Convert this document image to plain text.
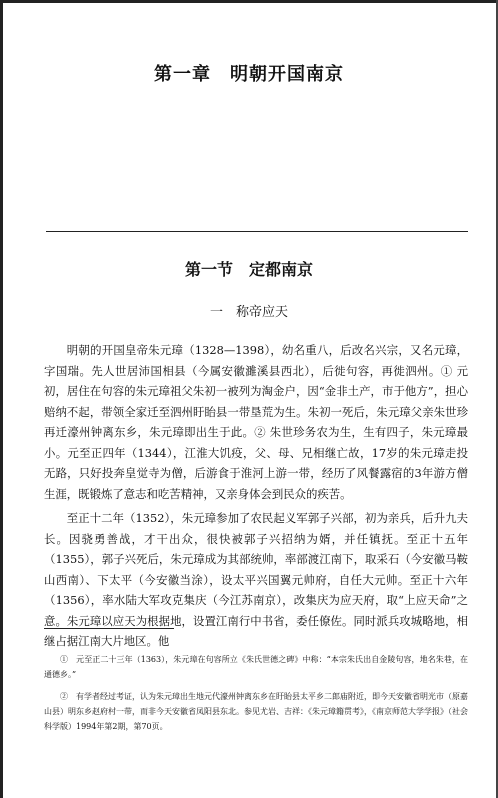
第一章　明朝开国南京
第一节　定都南京
一　称帝应天

明朝的开国皇帝朱元璋（1328—1398），幼名重八，后改名兴宗，又名元璋，字国瑞。先人世居沛国相县（今属安徽濉溪县西北），后徙句容，再徙泗州。① 元初，居住在句容的朱元璋祖父朱初一被列为淘金户，因“金非土产，市于他方”，担心赔纳不起，带领全家迁至泗州盱眙县一带垦荒为生。朱初一死后，朱元璋父亲朱世珍再迁濠州钟离东乡，朱元璋即出生于此。② 朱世珍务农为生，生有四子，朱元璋最小。元至正四年（1344），江淮大饥疫，父、母、兄相继亡故，17岁的朱元璋走投无路，只好投奔皇觉寺为僧，后游食于淮河上游一带，经历了风餐露宿的3年游方僧生涯，既锻炼了意志和吃苦精神，又亲身体会到民众的疾苦。

至正十二年（1352），朱元璋参加了农民起义军郭子兴部，初为亲兵，后升九夫长。因骁勇善战，才干出众，很快被郭子兴招纳为婿，并任镇抚。至正十五年（1355），郭子兴死后，朱元璋成为其部统帅，率部渡江南下，取采石（今安徽马鞍山西南）、下太平（今安徽当涂），设太平兴国翼元帅府，自任大元帅。至正十六年（1356），率水陆大军攻克集庆（今江苏南京），改集庆为应天府，取“上应天命”之意。朱元璋以应天为根据地，设置江南行中书省，委任僚佐。同时派兵攻城略地，相继占据江南大片地区。他

①　元至正二十三年（1363），朱元璋在句容所立《朱氏世德之碑》中称：“本宗朱氏出自金陵句容，地名朱巷，在通德乡。”

②　有学者经过考证，认为朱元璋出生地元代濠州钟离东乡在盱眙县太平乡二郎庙附近，即今天安徽省明光市（原嘉山县）明东乡赵府村一带，而非今天安徽省凤阳县东北。参见尤岩、吉祥：《朱元璋籍贯考》，《南京师范大学学报》（社会科学版）1994年第2期，第70页。
